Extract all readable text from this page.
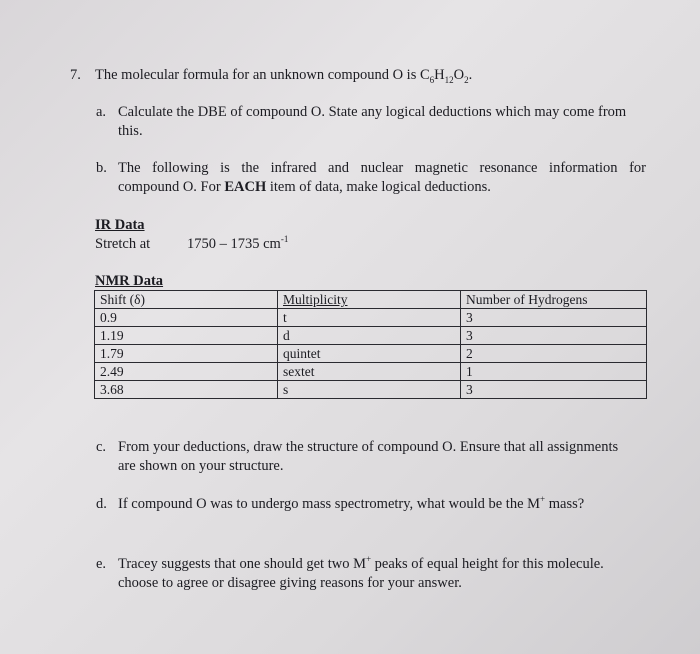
7. The molecular formula for an unknown compound O is $C_6H_{12}O_2$.
a. Calculate the DBE of compound O. State any logical deductions which may come from
this.
b. The following is the infrared and nuclear magnetic resonance information for
compound O. For EACH item of data, make logical deductions.
IR Data
Stretch at	1750 – 1735 $cm^{-1}$
NMR Data
Shift (δ)	Multiplicity	Number of Hydrogens
0.9	t	3
1.19	d	3
1.79	quintet	2
2.49	sextet	1
3.68	s	3
c. From your deductions, draw the structure of compound O. Ensure that all assignments
are shown on your structure.
d. If compound O was to undergo mass spectrometry, what would be the M+ mass?
e. Tracey suggests that one should get two M+ peaks of equal height for this molecule.
choose to agree or disagree giving reasons for your answer.
